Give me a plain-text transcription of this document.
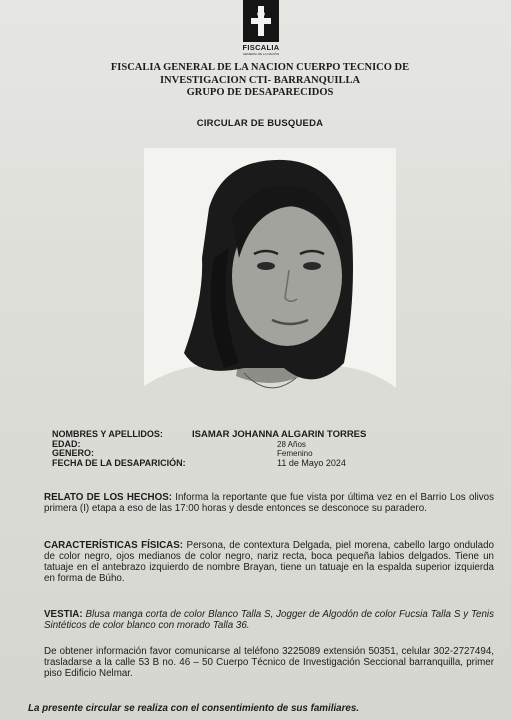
FISCALIA
GENERAL DE LA NACIÓN
FISCALIA GENERAL DE LA NACION CUERPO TECNICO DE
INVESTIGACION CTI- BARRANQUILLA
GRUPO DE DESAPARECIDOS
CIRCULAR DE BUSQUEDA
NOMBRES Y APELLIDOS:	ISAMAR JOHANNA ALGARIN TORRES
EDAD:	28 Años
GENERO:	Femenino
FECHA DE LA DESAPARICIÓN:	11 de Mayo 2024
RELATO DE LOS HECHOS: Informa la reportante que fue vista por última vez en el Barrio Los olivos primera (I) etapa a eso de las 17:00 horas y desde entonces se desconoce su paradero.
CARACTERÍSTICAS FÍSICAS: Persona, de contextura Delgada, piel morena, cabello largo ondulado de color negro, ojos medianos de color negro, nariz recta, boca pequeña labios delgados. Tiene un tatuaje en el antebrazo izquierdo de nombre Brayan, tiene un tatuaje en la espalda superior izquierda en forma de Búho.
VESTIA: Blusa manga corta de color Blanco Talla S, Jogger de Algodón de color Fucsia Talla S y Tenis Sintéticos de color blanco con morado Talla 36.
De obtener información favor comunicarse al teléfono 3225089 extensión 50351, celular 302-2727494, trasladarse a la calle 53 B no. 46 – 50 Cuerpo Técnico de Investigación Seccional barranquilla, primer piso Edificio Nelmar.
La presente circular se realiza con el consentimiento de sus familiares.
